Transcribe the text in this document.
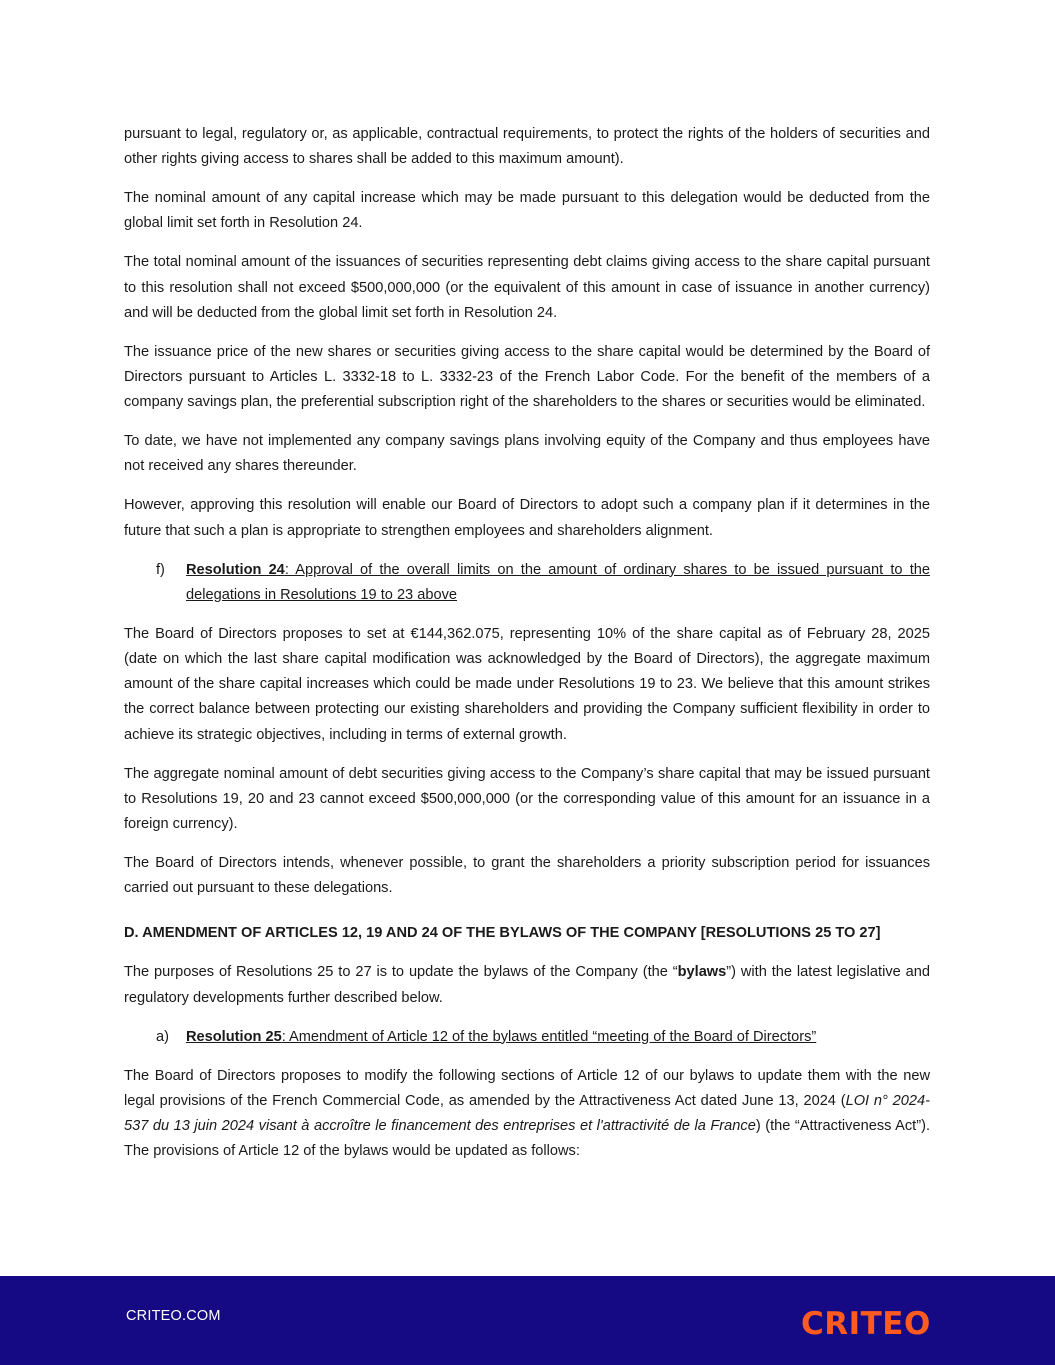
pursuant to legal, regulatory or, as applicable, contractual requirements, to protect the rights of the holders of securities and other rights giving access to shares shall be added to this maximum amount).

The nominal amount of any capital increase which may be made pursuant to this delegation would be deducted from the global limit set forth in Resolution 24.

The total nominal amount of the issuances of securities representing debt claims giving access to the share capital pursuant to this resolution shall not exceed $500,000,000 (or the equivalent of this amount in case of issuance in another currency) and will be deducted from the global limit set forth in Resolution 24.

The issuance price of the new shares or securities giving access to the share capital would be determined by the Board of Directors pursuant to Articles L. 3332-18 to L. 3332-23 of the French Labor Code. For the benefit of the members of a company savings plan, the preferential subscription right of the shareholders to the shares or securities would be eliminated.

To date, we have not implemented any company savings plans involving equity of the Company and thus employees have not received any shares thereunder.

However, approving this resolution will enable our Board of Directors to adopt such a company plan if it determines in the future that such a plan is appropriate to strengthen employees and shareholders alignment.

f) Resolution 24: Approval of the overall limits on the amount of ordinary shares to be issued pursuant to the delegations in Resolutions 19 to 23 above

The Board of Directors proposes to set at €144,362.075, representing 10% of the share capital as of February 28, 2025 (date on which the last share capital modification was acknowledged by the Board of Directors), the aggregate maximum amount of the share capital increases which could be made under Resolutions 19 to 23. We believe that this amount strikes the correct balance between protecting our existing shareholders and providing the Company sufficient flexibility in order to achieve its strategic objectives, including in terms of external growth.

The aggregate nominal amount of debt securities giving access to the Company’s share capital that may be issued pursuant to Resolutions 19, 20 and 23 cannot exceed $500,000,000 (or the corresponding value of this amount for an issuance in a foreign currency).

The Board of Directors intends, whenever possible, to grant the shareholders a priority subscription period for issuances carried out pursuant to these delegations.

D. AMENDMENT OF ARTICLES 12, 19 AND 24 OF THE BYLAWS OF THE COMPANY [RESOLUTIONS 25 TO 27]

The purposes of Resolutions 25 to 27 is to update the bylaws of the Company (the “bylaws”) with the latest legislative and regulatory developments further described below.

a) Resolution 25: Amendment of Article 12 of the bylaws entitled “meeting of the Board of Directors”

The Board of Directors proposes to modify the following sections of Article 12 of our bylaws to update them with the new legal provisions of the French Commercial Code, as amended by the Attractiveness Act dated June 13, 2024 (LOI n° 2024-537 du 13 juin 2024 visant à accroître le financement des entreprises et l'attractivité de la France) (the “Attractiveness Act”). The provisions of Article 12 of the bylaws would be updated as follows:

CRITEO.COM	CRITEO
